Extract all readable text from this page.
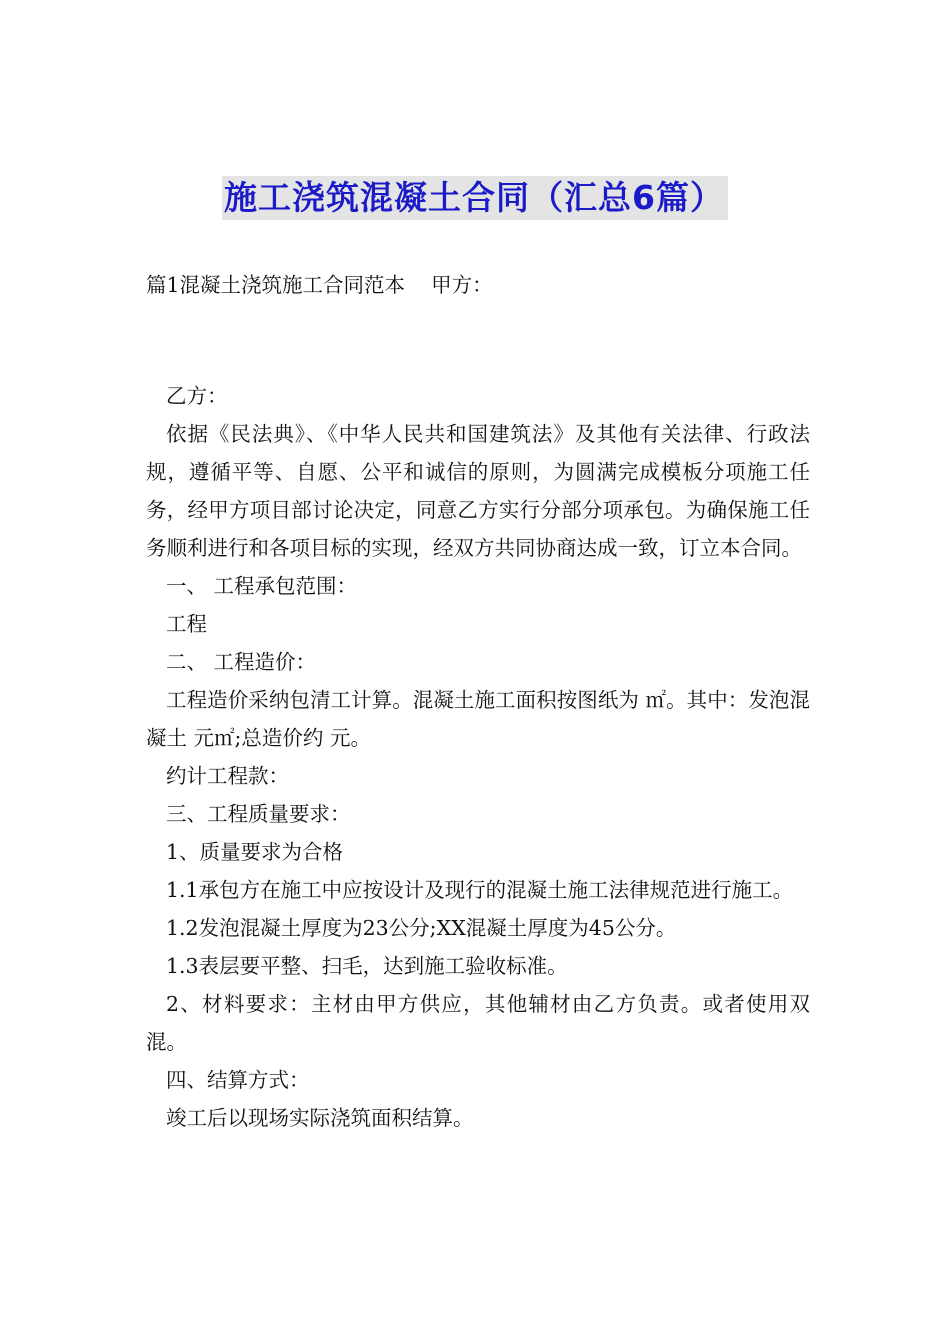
施工浇筑混凝土合同（汇总6篇）
篇1混凝土浇筑施工合同范本    甲方：

乙方：

依据《民法典》、《中华人民共和国建筑法》及其他有关法律、行政法规，遵循平等、自愿、公平和诚信的原则，为圆满完成模板分项施工任务，经甲方项目部讨论决定，同意乙方实行分部分项承包。为确保施工任务顺利进行和各项目标的实现，经双方共同协商达成一致，订立本合同。

一、 工程承包范围：

工程

二、 工程造价：

工程造价采纳包清工计算。混凝土施工面积按图纸为 ㎡。其中：发泡混凝土 元㎡;总造价约 元。

约计工程款：

三、工程质量要求：

1、质量要求为合格

1.1承包方在施工中应按设计及现行的混凝土施工法律规范进行施工。

1.2发泡混凝土厚度为23公分;XX混凝土厚度为45公分。

1.3表层要平整、扫毛，达到施工验收标准。

2、材料要求：主材由甲方供应，其他辅材由乙方负责。或者使用双混。

四、结算方式：

竣工后以现场实际浇筑面积结算。
